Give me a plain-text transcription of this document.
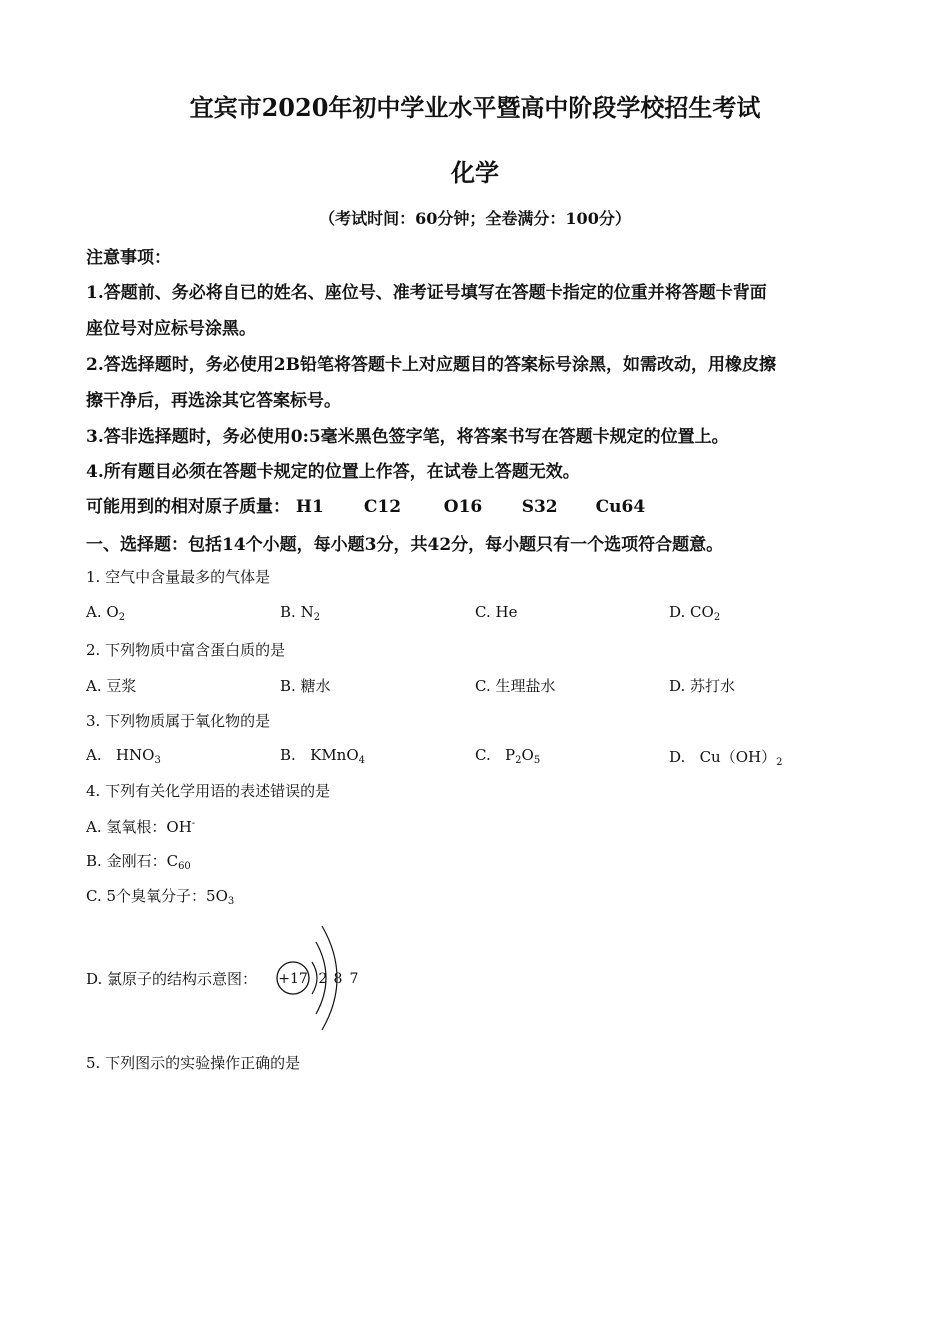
宜宾市2020年初中学业水平暨高中阶段学校招生考试
化学
（考试时间：60分钟；全卷满分：100分）
注意事项：
1.答题前、务必将自已的姓名、座位号、准考证号填写在答题卡指定的位重并将答题卡背面
座位号对应标号涂黑。
2.答选择题时，务必使用2B铅笔将答题卡上对应题目的答案标号涂黑，如需改动，用橡皮擦
擦干净后，再选涂其它答案标号。
3.答非选择题时，务必使用0:5毫米黑色签字笔，将答案书写在答题卡规定的位置上。
4.所有题目必须在答题卡规定的位置上作答，在试卷上答题无效。
可能用到的相对原子质量： H1 C12	O16 S32 Cu64
一、选择题：包括14个小题，每小题3分，共42分，每小题只有一个选项符合题意。
1. 空气中含量最多的气体是
A. $O_2$	B. $N_2$	C. He	D. $CO_2$
2. 下列物质中富含蛋白质的是
A. 豆浆	B. 糖水	C. 生理盐水	D. 苏打水
3. 下列物质属于氧化物的是
A. $HNO_3$	B. KMnO$_4$	C. $P_2O_5$	D. $Cu(OH)_2$
4. 下列有关化学用语的表述错误的是
A. 氢氧根：OH-
B. 金刚石：$C_{60}$
C. 5个臭氧分子：$5O_3$
D. 氯原子的结构示意图： +17 2 8 7
5. 下列图示的实验操作正确的是
